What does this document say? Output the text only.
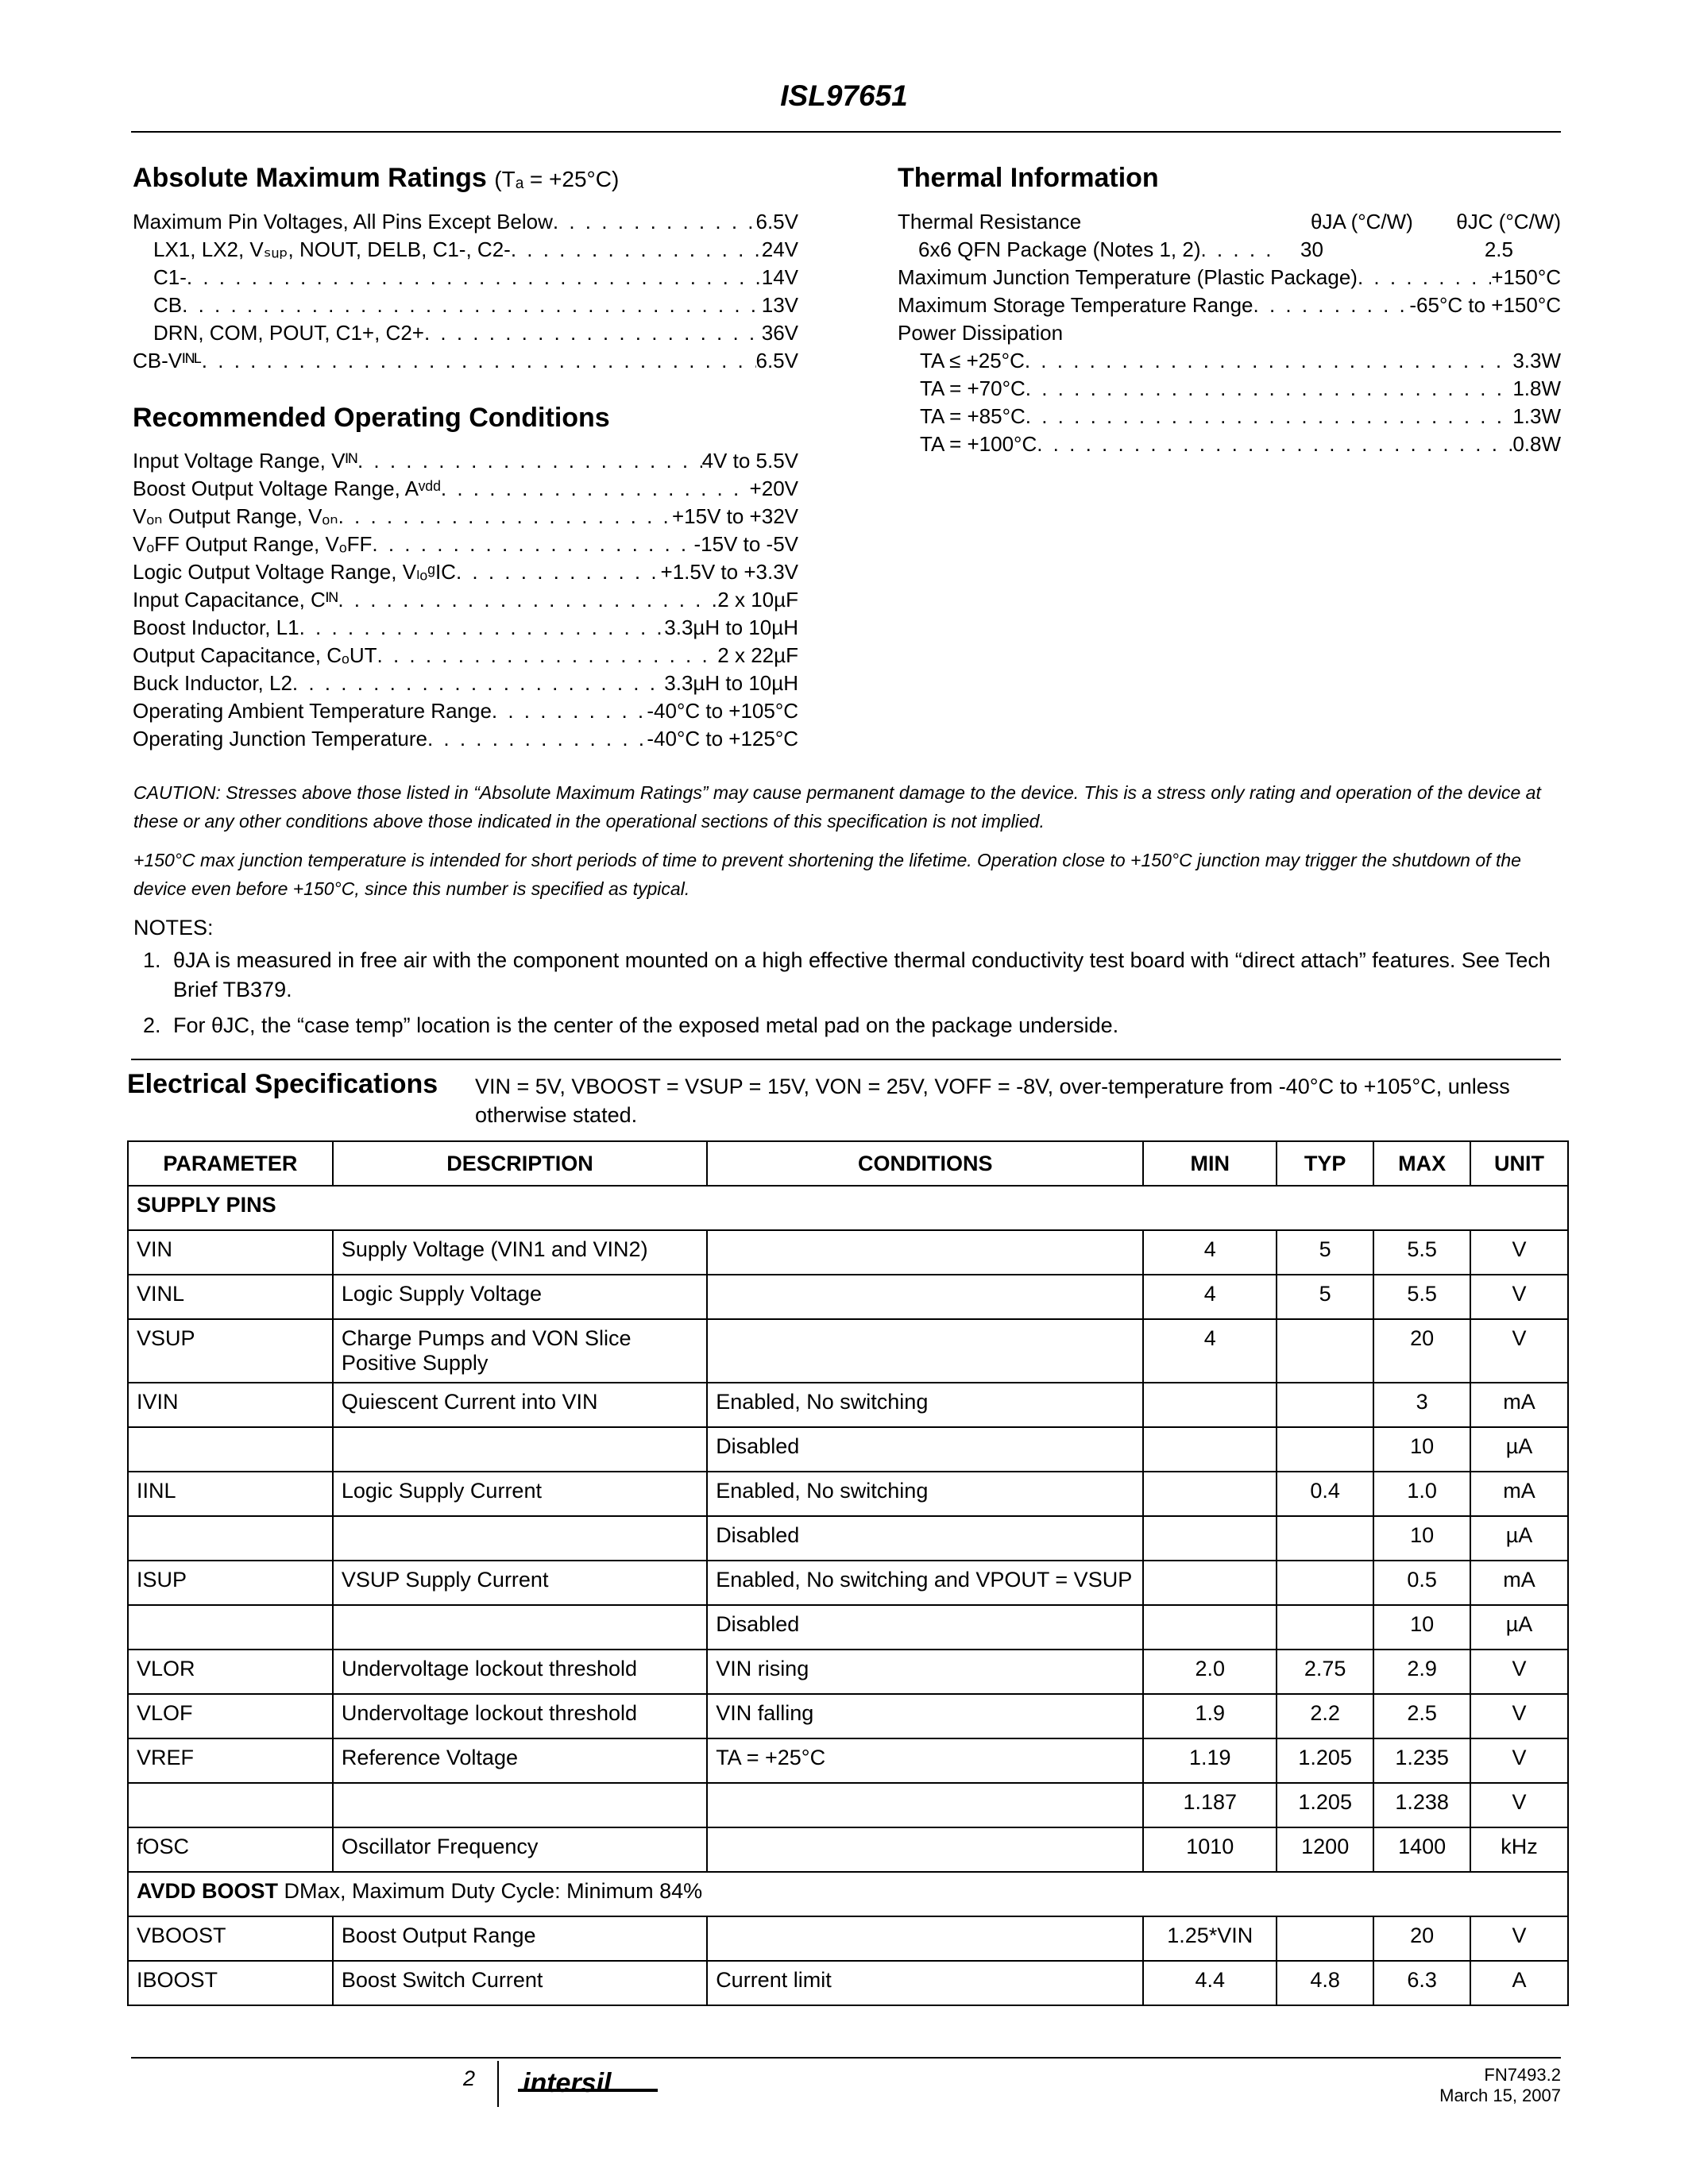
ISL97651
Absolute Maximum Ratings (Tₐ = +25°C)
Maximum Pin Voltages, All Pins Except Below . . .	6.5V
LX1, LX2, Vₛᵤₚ, NOUT, DELB, C1-, C2- . . .	24V
C1- . . .	14V
CB . . .	13V
DRN, COM, POUT, C1+, C2+ . . .	36V
CB-Vᴵᴺᴸ . . .	6.5V
Recommended Operating Conditions
Input Voltage Range, Vᴵᴺ . . .	4V to 5.5V
Boost Output Voltage Range, Aᵛᵈᵈ . . .	+20V
Vₒₙ Output Range, Vₒₙ . . .	+15V to +32V
VₒFF Output Range, VₒFF . . .	-15V to -5V
Logic Output Voltage Range, VₗₒᵍIC . . .	+1.5V to +3.3V
Input Capacitance, Cᴵᴺ . . .	2 x 10µF
Boost Inductor, L1 . . .	3.3µH to 10µH
Output Capacitance, CₒUT . . .	2 x 22µF
Buck Inductor, L2 . . .	3.3µH to 10µH
Operating Ambient Temperature Range . . .	-40°C to +105°C
Operating Junction Temperature . . .	-40°C to +125°C
Thermal Information
Thermal Resistance	θJA (°C/W)	θJC (°C/W)
6x6 QFN Package (Notes 1, 2) . . .	30	2.5
Maximum Junction Temperature (Plastic Package) . . .	+150°C
Maximum Storage Temperature Range . . .	-65°C to +150°C
Power Dissipation
TA ≤ +25°C . . .	3.3W
TA = +70°C . . .	1.8W
TA = +85°C . . .	1.3W
TA = +100°C . . .	0.8W
CAUTION: Stresses above those listed in “Absolute Maximum Ratings” may cause permanent damage to the device. This is a stress only rating and operation of the device at these or any other conditions above those indicated in the operational sections of this specification is not implied.
+150°C max junction temperature is intended for short periods of time to prevent shortening the lifetime. Operation close to +150°C junction may trigger the shutdown of the device even before +150°C, since this number is specified as typical.
NOTES:
1. θJA is measured in free air with the component mounted on a high effective thermal conductivity test board with “direct attach” features. See Tech Brief TB379.
2. For θJC, the “case temp” location is the center of the exposed metal pad on the package underside.
Electrical Specifications VIN = 5V, VBOOST = VSUP = 15V, VON = 25V, VOFF = -8V, over-temperature from -40°C to +105°C, unless otherwise stated.
PARAMETER	DESCRIPTION	CONDITIONS	MIN	TYP	MAX	UNIT
SUPPLY PINS						
VIN	Supply Voltage (VIN1 and VIN2)		4	5	5.5	V
VINL	Logic Supply Voltage		4	5	5.5	V
VSUP	Charge Pumps and VON Slice Positive Supply		4		20	V
IVIN	Quiescent Current into VIN	Enabled, No switching			3	mA
		Disabled			10	µA
IINL	Logic Supply Current	Enabled, No switching		0.4	1.0	mA
		Disabled			10	µA
ISUP	VSUP Supply Current	Enabled, No switching and VPOUT = VSUP			0.5	mA
		Disabled			10	µA
VLOR	Undervoltage lockout threshold	VIN rising	2.0	2.75	2.9	V
VLOF	Undervoltage lockout threshold	VIN falling	1.9	2.2	2.5	V
VREF	Reference Voltage	TA = +25°C	1.19	1.205	1.235	V
			1.187	1.205	1.238	V
fOSC	Oscillator Frequency		1010	1200	1400	kHz
AVDD BOOST DMax, Maximum Duty Cycle: Minimum 84%						
VBOOST	Boost Output Range		1.25*VIN		20	V
IBOOST	Boost Switch Current	Current limit	4.4	4.8	6.3	A
2 intersil	FN7493.2
March 15, 2007
